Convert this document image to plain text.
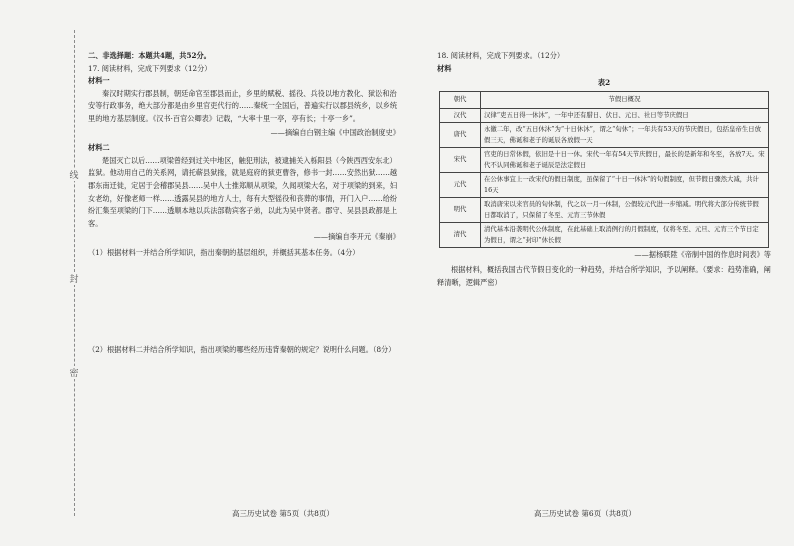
线
封
密
二、非选择题：本题共4题，共52分。
17. 阅读材料，完成下列要求（12分）
材料一
秦汉时期实行郡县制，朝廷命官至郡县而止，乡里的赋税、摇役、兵役以地方教化、狱讼和治安等行政事务，绝大部分都是由乡里官吏代行的……秦统一全国后，普遍实行以郡县统乡，以乡统里的地方基层制度。《汉书·百官公卿表》记载，“大率十里一亭，亭有长；十亭一乡”。
——摘编自白钢主编《中国政治制度史》
材料二
楚国灭亡以后……项梁曾经到过关中地区，触犯刑法，被逮捕关入栎阳县（今陕西西安东北）监狱。他动用自己的关系网，请托蕲县狱掾，就是庭府的狱吏曹咎，修书一封……安然出狱……越郡东南迁徙，定居于会稽郡吴县……吴中人士推郑顺从项梁，久闻项梁大名，对于项梁的到来，妇女老幼，好像老师一样……透露吴县的地方人士，每有大型徭役和丧葬的事情，开门入户……给纷纷汇集至项梁的门下……透顺本地以兵法部勒宾客子弟，以此为吴中贤者。郡守、吴县县政都是上客。
——摘编自李开元《秦崩》
（1）根据材料一并结合所学知识，指出秦朝的基层组织，并概括其基本任务。（4分）
（2）根据材料二并结合所学知识，指出项梁的哪些经历违背秦朝的规定？说明什么问题。（8分）
18. 阅读材料，完成下列要求。（12分）
材料
表2
朝代	节假日概况
汉代	汉律“吏五日得一休沐”，一年中还有腊日、伏日、元日、社日等节庆假日
唐代	永徽二年，改“五日休沐”为“十日休沐”，谓之“旬休”；一年共有53天的节庆假日，包括皇帝生日放假三天，佛诞和老子的诞辰各放假一天
宋代	官吏的日常休假，依旧是十日一休。宋代一年有54天节庆假日，最长的是新年和冬至，各放7天。宋代不认同佛诞和老子诞辰是法定假日
元代	在公休事宜上一改宋代的假日制度，虽保留了“十日一休沐”的旬假制度，但节假日骤然大减，共计16天
明代	取消唐宋以来官员的旬休制，代之以一月一休制，公假较元代进一步缩减。明代将大部分传统节假日都取消了，只保留了冬至、元宵三节休假
清代	清代基本沿袭明代公休制度，在此基础上取消例行的月假制度，仅将冬至、元旦、元宵三个节日定为假日，谓之“封印”休长假
——据杨联陞《帝制中国的作息时间表》等
根据材料，概括我国古代节假日变化的一种趋势，并结合所学知识，予以阐释。（要求：趋势准确，阐释清晰，逻辑严密）
高三历史试卷 第5页（共8页）	高三历史试卷 第6页（共8页）
